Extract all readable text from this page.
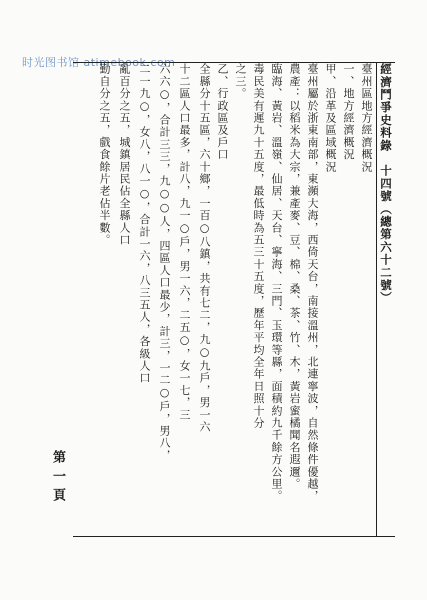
时光图书馆 atimebook.com
經濟鬥爭史料錄　十四號（總第六十二號）
臺州區地方經濟概況
一、地方經濟概況
甲、沿革及區域概況
臺州屬於浙東南部，東瀕大海，西倚天台，南接溫州，北連寧波，自然條件優越，
農產：以稻米為大宗，兼產麥、豆、棉、桑、茶、竹、木，黃岩蜜橘聞名遐邇。
臨海、黃岩、溫嶺、仙居、天台、寧海、三門、玉環等縣，面積約九千餘方公里。
毒民美有遲九十五度，最低時為五三十五度，歷年平均全年日照十分
之三。
乙、行政區及戶口
全縣分十五區，六十鄉，一百○八鎮，共有七二，九○九戶，男一六
十二區人口最多，計八，九一○戶，男一六，二五○，女一七，三
六六○，合計三三，九○○人，四區人口最少，計三，一二○戶，男八，
二一九○，女八，八一○，合計一六，八三五人，各級人口
亂百分之五，城鎮居民佔全縣人口
勤自分之五，戲食餘片老佔半數。
第一頁
